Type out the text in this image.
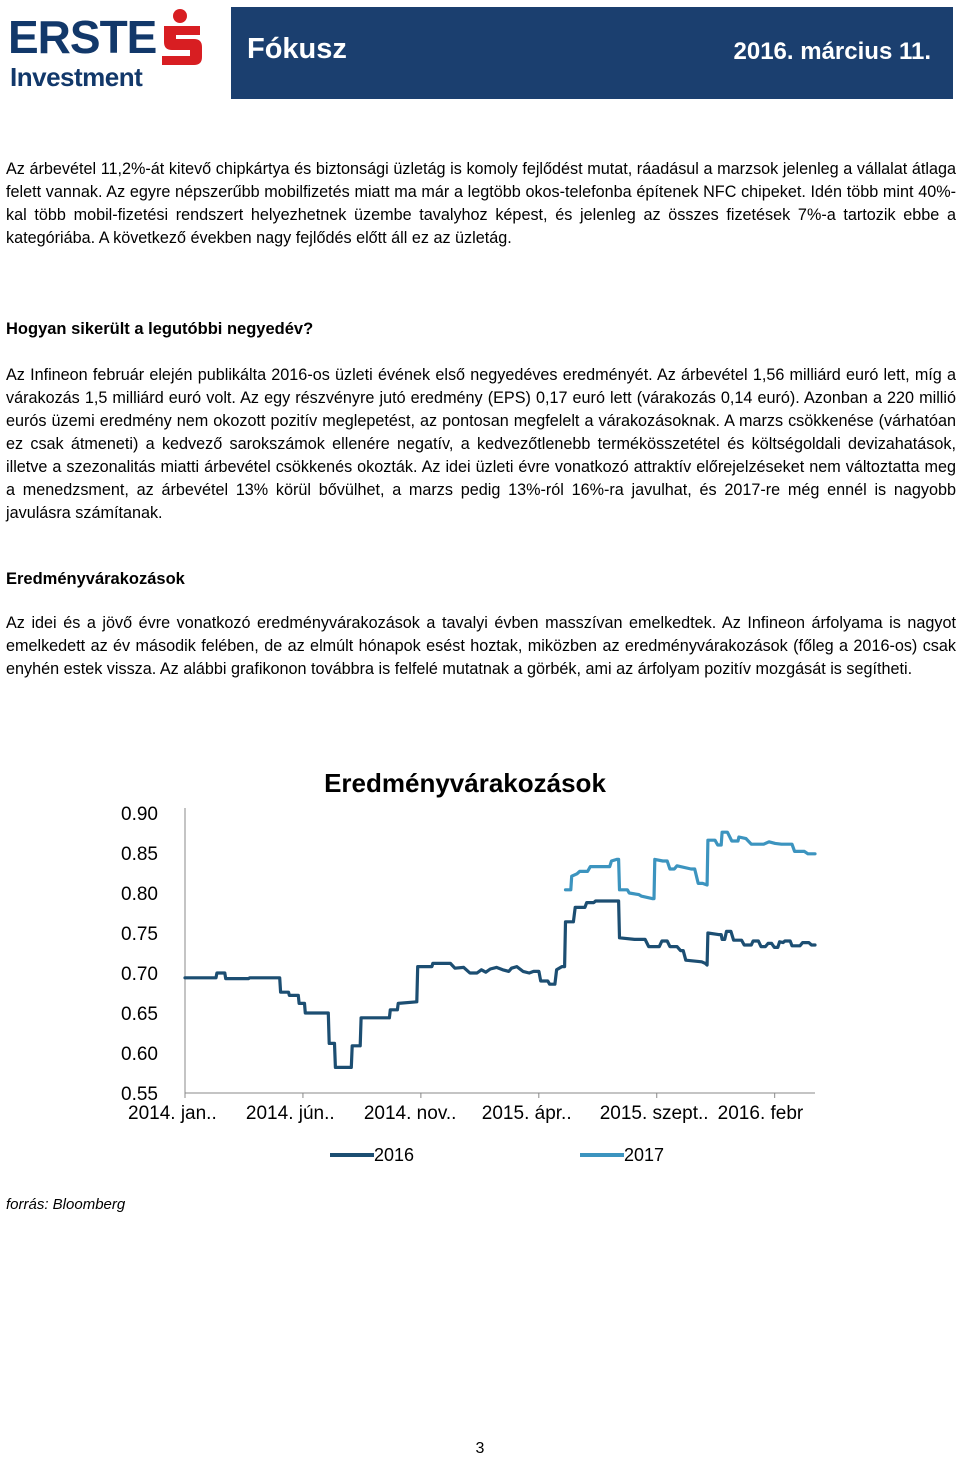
ERSTE
Investment
Fókusz	2016. március 11.

Az árbevétel 11,2%-át kitevő chipkártya és biztonsági üzletág is komoly fejlődést mutat, ráadásul a marzsok jelenleg a vállalat átlaga felett vannak. Az egyre népszerűbb mobilfizetés miatt ma már a legtöbb okos-telefonba építenek NFC chipeket. Idén több mint 40%-kal több mobil-fizetési rendszert helyezhetnek üzembe tavalyhoz képest, és jelenleg az összes fizetések 7%-a tartozik ebbe a kategóriába. A következő években nagy fejlődés előtt áll ez az üzletág.

Hogyan sikerült a legutóbbi negyedév?

Az Infineon február elején publikálta 2016-os üzleti évének első negyedéves eredményét. Az árbevétel 1,56 milliárd euró lett, míg a várakozás 1,5 milliárd euró volt. Az egy részvényre jutó eredmény (EPS) 0,17 euró lett (várakozás 0,14 euró). Azonban a 220 millió eurós üzemi eredmény nem okozott pozitív meglepetést, az pontosan megfelelt a várakozásoknak. A marzs csökkenése (várhatóan ez csak átmeneti) a kedvező sarokszámok ellenére negatív, a kedvezőtlenebb termékösszetétel és költségoldali devizahatások, illetve a szezonalitás miatti árbevétel csökkenés okozták. Az idei üzleti évre vonatkozó attraktív előrejelzéseket nem változtatta meg a menedzsment, az árbevétel 13% körül bővülhet, a marzs pedig 13%-ról 16%-ra javulhat, és 2017-re még ennél is nagyobb javulásra számítanak.

Eredményvárakozások

Az idei és a jövő évre vonatkozó eredményvárakozások a tavalyi évben masszívan emelkedtek. Az Infineon árfolyama is nagyot emelkedett az év második felében, de az elmúlt hónapok esést hoztak, miközben az eredményvárakozások (főleg a 2016-os) csak enyhén estek vissza. Az alábbi grafikonon továbbra is felfelé mutatnak a görbék, ami az árfolyam pozitív mozgását is segítheti.

Eredményvárakozások
0.90
0.85
0.80
0.75
0.70
0.65
0.60
0.55
2014. jan.. 2014. jún.. 2014. nov.. 2015. ápr.. 2015. szept.. 2016. febr
2016	2017
forrás: Bloomberg
3
